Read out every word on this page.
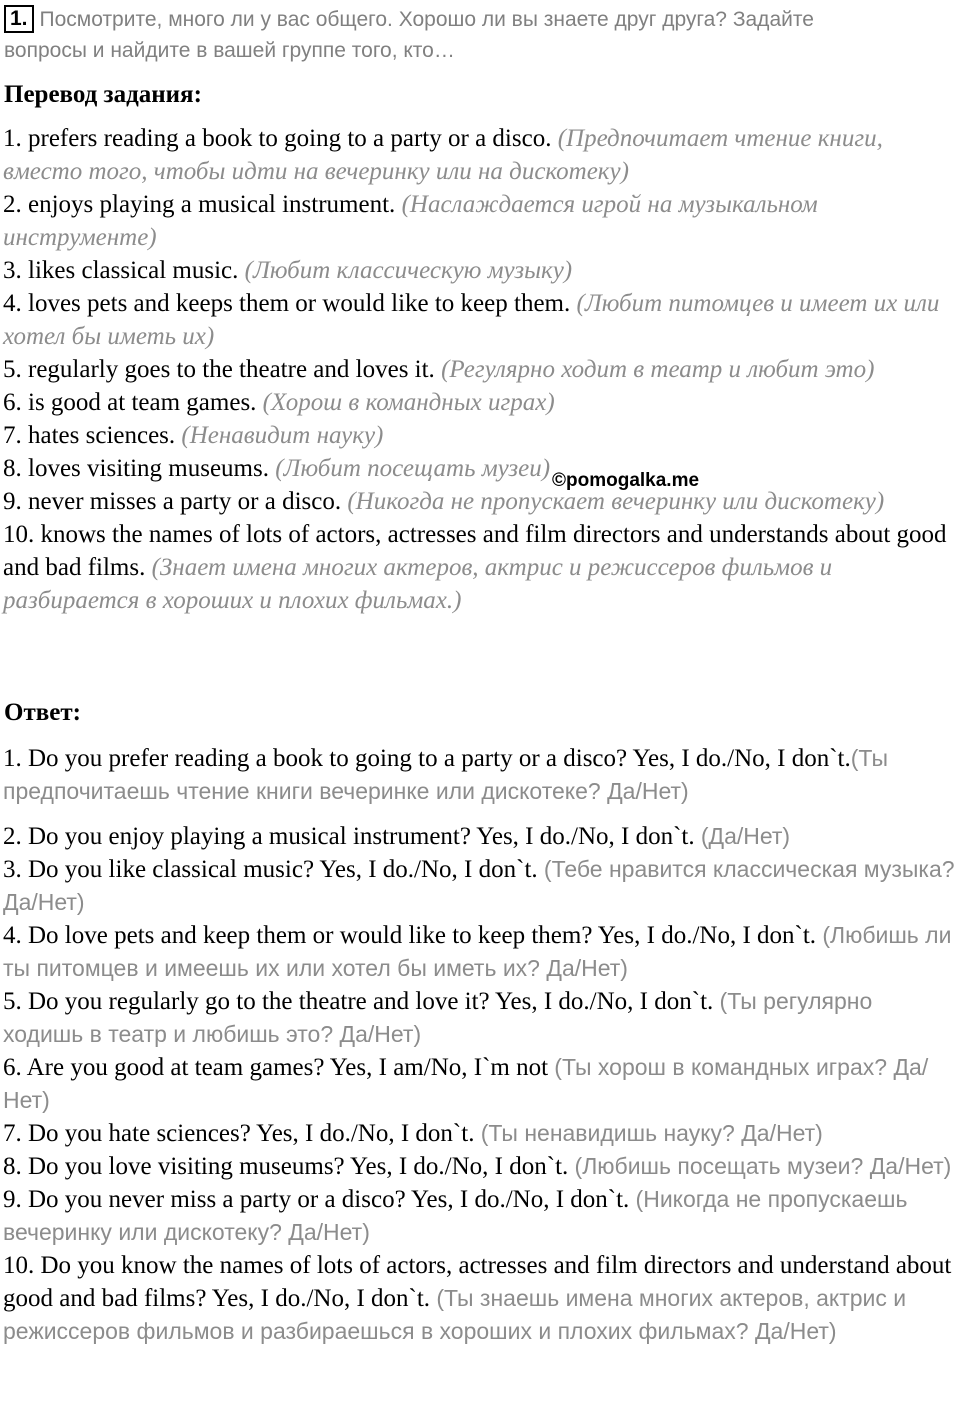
1. Посмотрите, много ли у вас общего. Хорошо ли вы знаете друг друга? Задайте
вопросы и найдите в вашей группе того, кто…
Перевод задания:
1. prefers reading a book to going to a party or a disco. (Предпочитает чтение книги, вместо того, чтобы идти на вечеринку или на дискотеку)
2. enjoys playing a musical instrument. (Наслаждается игрой на музыкальном инструменте)
3. likes classical music. (Любит классическую музыку)
4. loves pets and keeps them or would like to keep them. (Любит питомцев и имеет их или хотел бы иметь их)
5. regularly goes to the theatre and loves it. (Регулярно ходит в театр и любит это)
6. is good at team games. (Хорош в командных играх)
7. hates sciences. (Ненавидит науку)
8. loves visiting museums. (Любит посещать музеи)
9. never misses a party or a disco. (Никогда не пропускает вечеринку или дискотеку)
10. knows the names of lots of actors, actresses and film directors and understands about good and bad films. (Знает имена многих актеров, актрис и режиссеров фильмов и разбирается в хороших и плохих фильмах.)
©pomogalka.me
Ответ:
1. Do you prefer reading a book to going to a party or a disco? Yes, I do./No, I don`t.(Ты предпочитаешь чтение книги вечеринке или дискотеке? Да/Нет)
2. Do you enjoy playing a musical instrument? Yes, I do./No, I don`t. (Да/Нет)
3. Do you like classical music? Yes, I do./No, I don`t. (Тебе нравится классическая музыка? Да/Нет)
4. Do love pets and keep them or would like to keep them? Yes, I do./No, I don`t. (Любишь ли ты питомцев и имеешь их или хотел бы иметь их? Да/Нет)
5. Do you regularly go to the theatre and love it? Yes, I do./No, I don`t. (Ты регулярно ходишь в театр и любишь это? Да/Нет)
6. Are you good at team games? Yes, I am/No, I`m not (Ты хорош в командных играх? Да/Нет)
7. Do you hate sciences? Yes, I do./No, I don`t. (Ты ненавидишь науку? Да/Нет)
8. Do you love visiting museums? Yes, I do./No, I don`t. (Любишь посещать музеи? Да/Нет)
9. Do you never miss a party or a disco? Yes, I do./No, I don`t. (Никогда не пропускаешь вечеринку или дискотеку? Да/Нет)
10. Do you know the names of lots of actors, actresses and film directors and understand about good and bad films? Yes, I do./No, I don`t. (Ты знаешь имена многих актеров, актрис и режиссеров фильмов и разбираешься в хороших и плохих фильмах? Да/Нет)
